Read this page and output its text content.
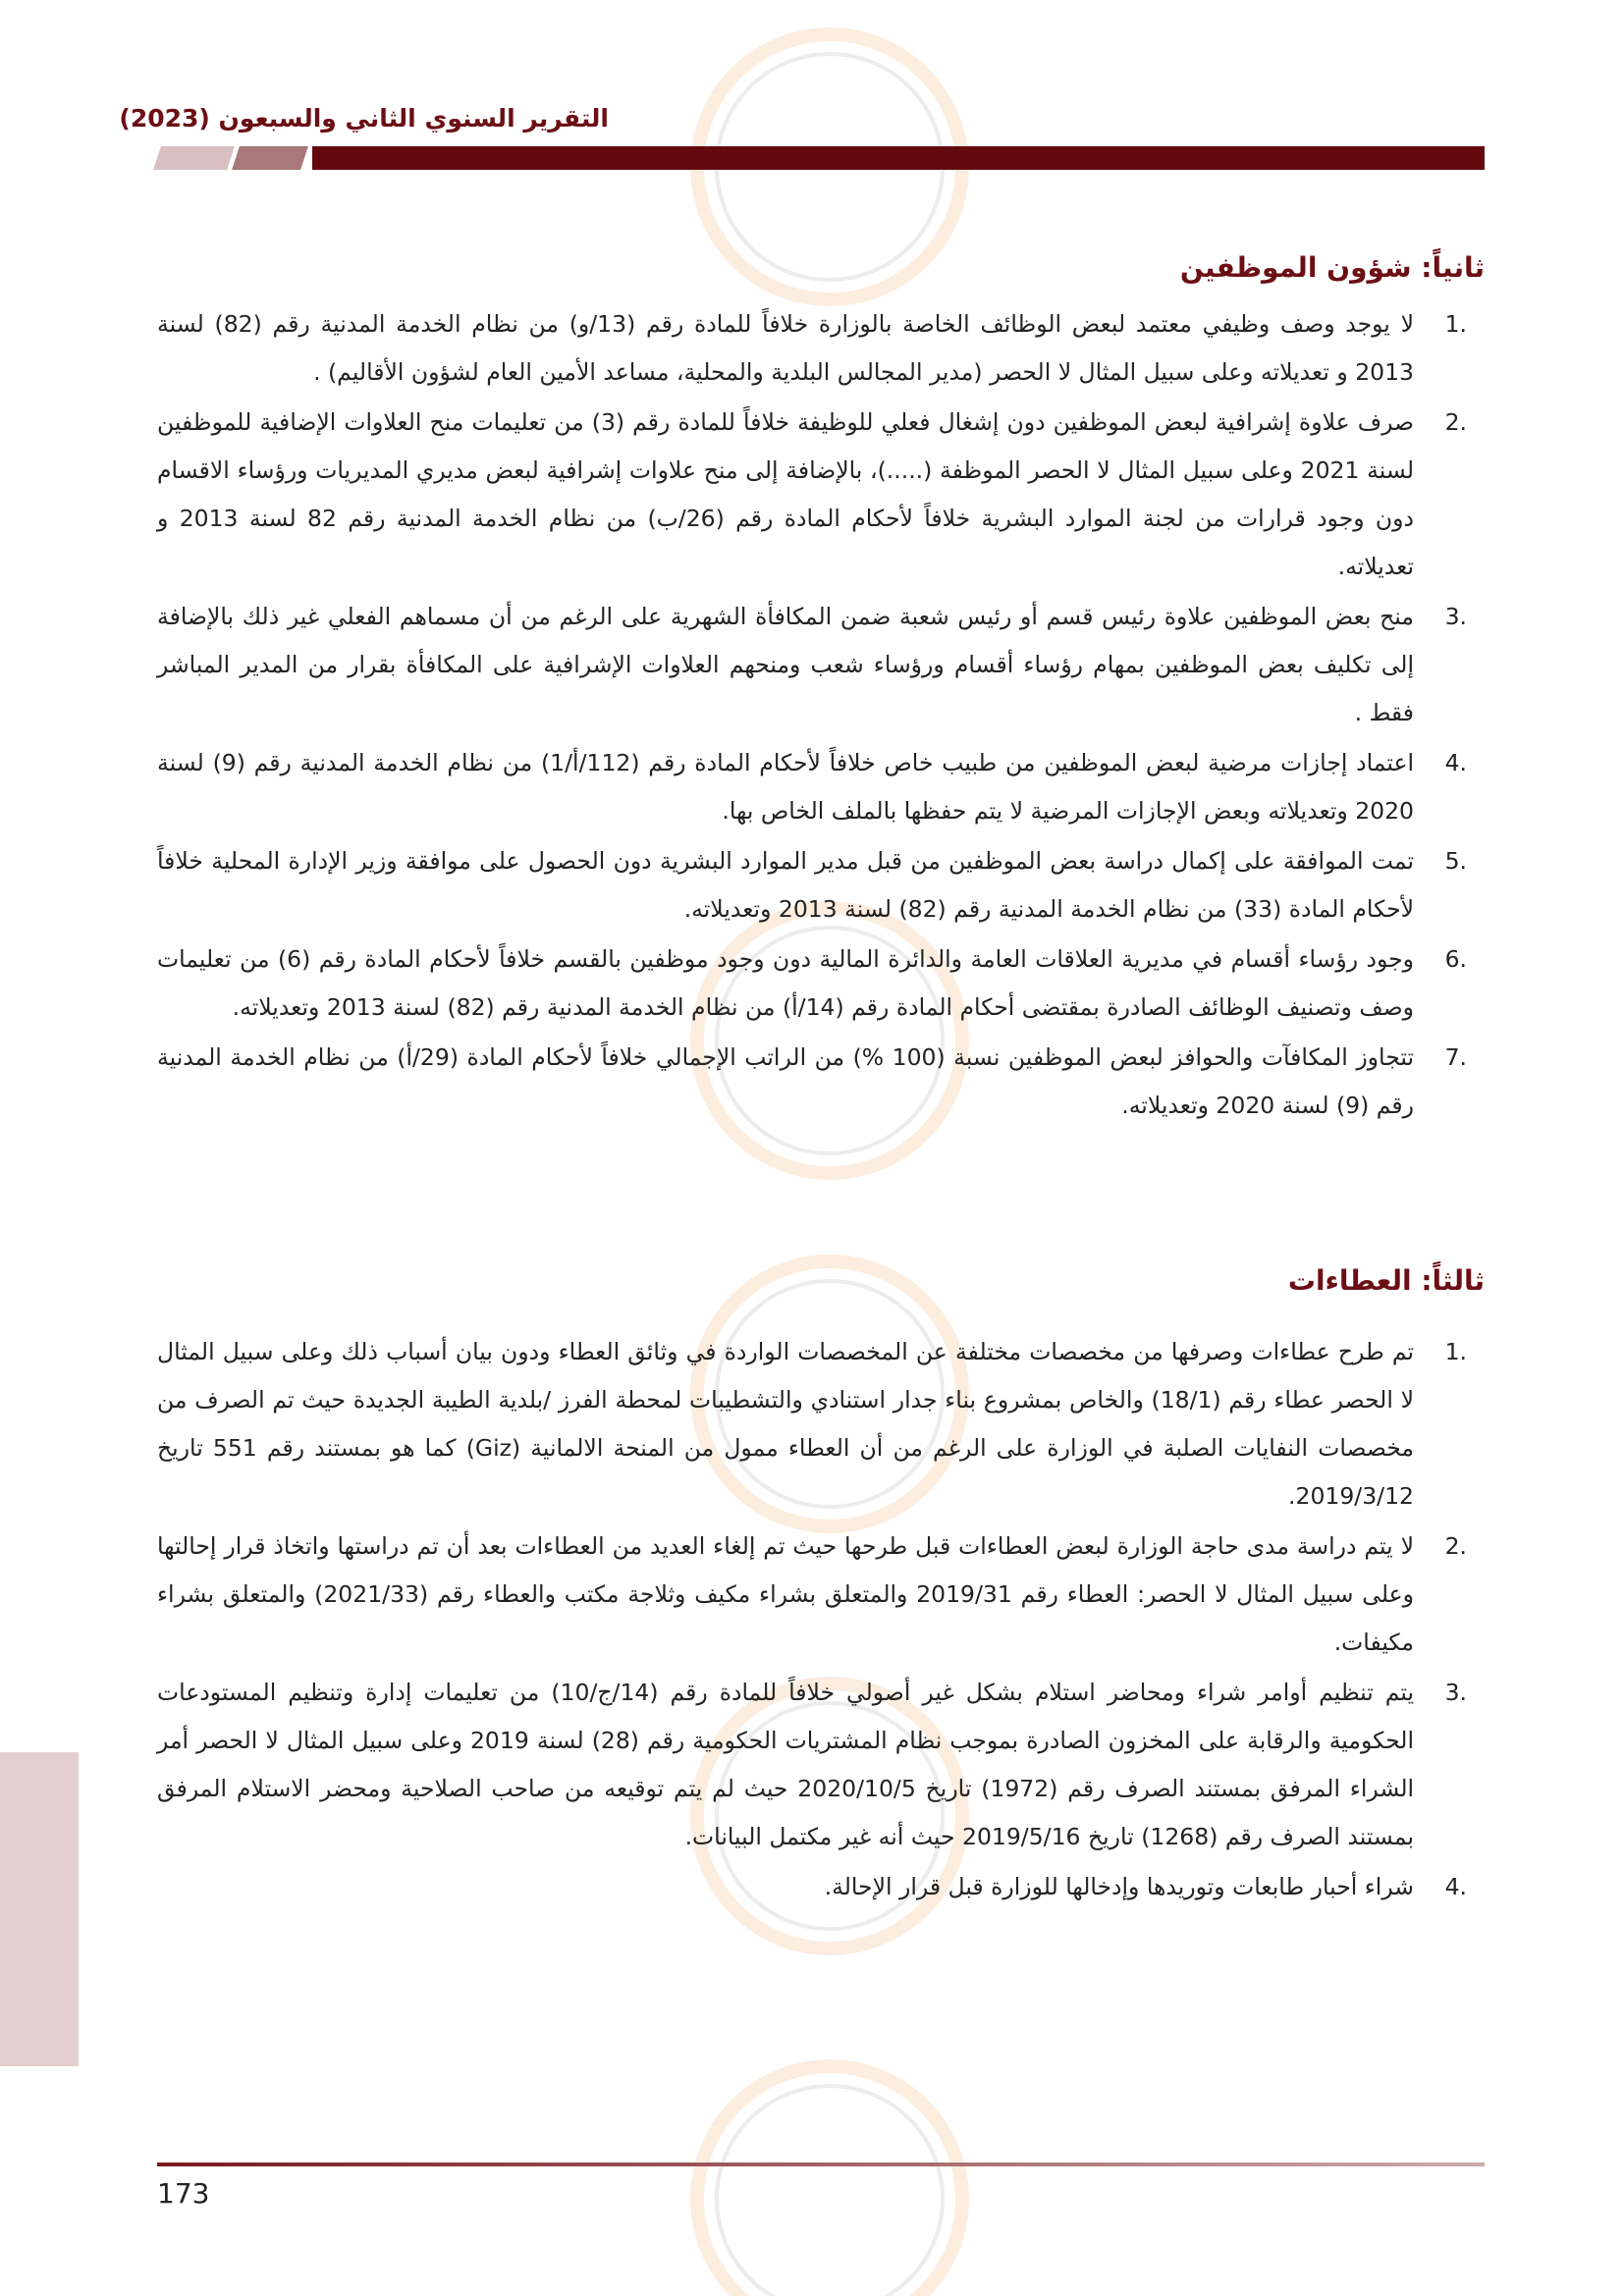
التقرير السنوي الثاني والسبعون (2023)
ثانياً: شؤون الموظفين
1.
لا يوجد وصف وظيفي معتمد لبعض الوظائف الخاصة بالوزارة خلافاً للمادة رقم (13/و) من نظام الخدمة المدنية رقم (82) لسنة 2013 و تعديلاته وعلى سبيل المثال لا الحصر (مدير المجالس البلدية والمحلية، مساعد الأمين العام لشؤون الأقاليم) .
2.
صرف علاوة إشرافية لبعض الموظفين دون إشغال فعلي للوظيفة خلافاً للمادة رقم (3) من تعليمات منح العلاوات الإضافية للموظفين لسنة 2021 وعلى سبيل المثال لا الحصر الموظفة (.....)، بالإضافة إلى منح علاوات إشرافية لبعض مديري المديريات ورؤساء الاقسام دون وجود قرارات من لجنة الموارد البشرية خلافاً لأحكام المادة رقم (26/ب) من نظام الخدمة المدنية رقم 82 لسنة 2013 و تعديلاته.
3.
منح بعض الموظفين علاوة رئيس قسم أو رئيس شعبة ضمن المكافأة الشهرية على الرغم من أن مسماهم الفعلي غير ذلك بالإضافة إلى تكليف بعض الموظفين بمهام رؤساء أقسام ورؤساء شعب ومنحهم العلاوات الإشرافية على المكافأة بقرار من المدير المباشر فقط .
4.
اعتماد إجازات مرضية لبعض الموظفين من طبيب خاص خلافاً لأحكام المادة رقم (112/أ/1) من نظام الخدمة المدنية رقم (9) لسنة 2020 وتعديلاته وبعض الإجازات المرضية لا يتم حفظها بالملف الخاص بها.
5.
تمت الموافقة على إكمال دراسة بعض الموظفين من قبل مدير الموارد البشرية دون الحصول على موافقة وزير الإدارة المحلية خلافاً لأحكام المادة (33) من نظام الخدمة المدنية رقم (82) لسنة 2013 وتعديلاته.
6.
وجود رؤساء أقسام في مديرية العلاقات العامة والدائرة المالية دون وجود موظفين بالقسم خلافاً لأحكام المادة رقم (6) من تعليمات وصف وتصنيف الوظائف الصادرة بمقتضى أحكام المادة رقم (14/أ) من نظام الخدمة المدنية رقم (82) لسنة 2013 وتعديلاته.
7.
تتجاوز المكافآت والحوافز لبعض الموظفين نسبة (100 %) من الراتب الإجمالي خلافاً لأحكام المادة (29/أ) من نظام الخدمة المدنية رقم (9) لسنة 2020 وتعديلاته.
ثالثاً: العطاءات
1.
تم طرح عطاءات وصرفها من مخصصات مختلفة عن المخصصات الواردة في وثائق العطاء ودون بيان أسباب ذلك وعلى سبيل المثال لا الحصر عطاء رقم (18/1) والخاص بمشروع بناء جدار استنادي والتشطيبات لمحطة الفرز /بلدية الطيبة الجديدة حيث تم الصرف من مخصصات النفايات الصلبة في الوزارة على الرغم من أن العطاء ممول من المنحة الالمانية (Giz) كما هو بمستند رقم 551 تاريخ 2019/3/12.
2.
لا يتم دراسة مدى حاجة الوزارة لبعض العطاءات قبل طرحها حيث تم إلغاء العديد من العطاءات بعد أن تم دراستها واتخاذ قرار إحالتها وعلى سبيل المثال لا الحصر: العطاء رقم 2019/31 والمتعلق بشراء مكيف وثلاجة مكتب والعطاء رقم (2021/33) والمتعلق بشراء مكيفات.
3.
يتم تنظيم أوامر شراء ومحاضر استلام بشكل غير أصولي خلافاً للمادة رقم (14/ج/10) من تعليمات إدارة وتنظيم المستودعات الحكومية والرقابة على المخزون الصادرة بموجب نظام المشتريات الحكومية رقم (28) لسنة 2019 وعلى سبيل المثال لا الحصر أمر الشراء المرفق بمستند الصرف رقم (1972) تاريخ 2020/10/5 حيث لم يتم توقيعه من صاحب الصلاحية ومحضر الاستلام المرفق بمستند الصرف رقم (1268) تاريخ 2019/5/16 حيث أنه غير مكتمل البيانات.
4.
شراء أحبار طابعات وتوريدها وإدخالها للوزارة قبل قرار الإحالة.
173
